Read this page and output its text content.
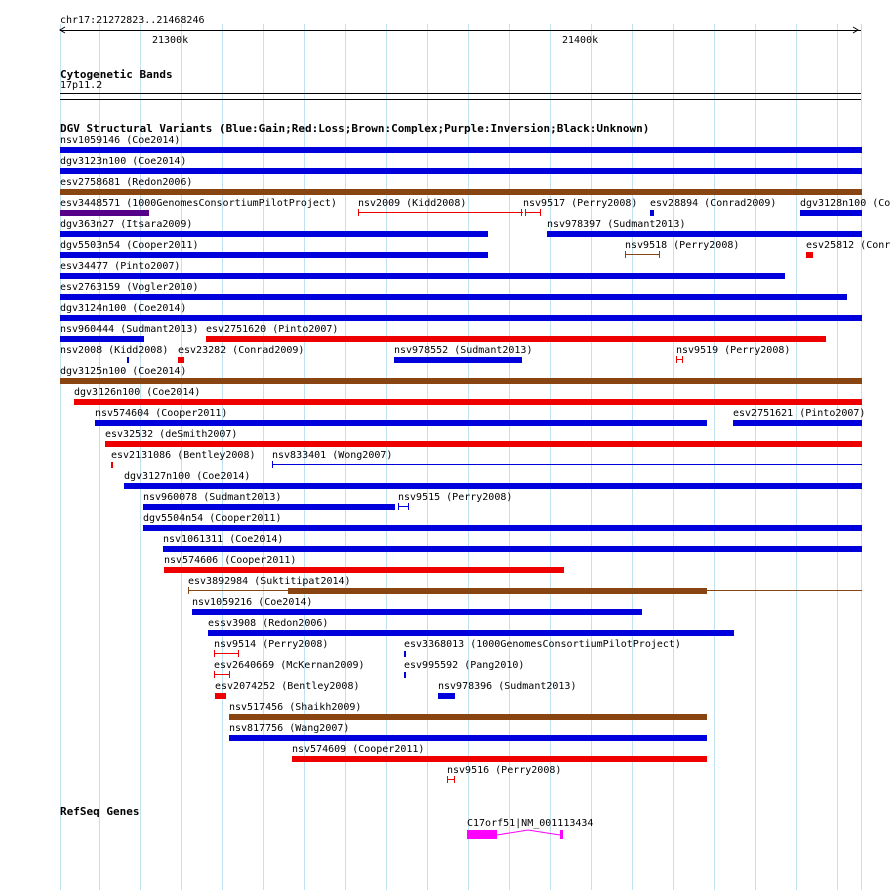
chr17:21272823..21468246
21300k	21400k
Cytogenetic Bands
17p11.2
DGV Structural Variants (Blue:Gain;Red:Loss;Brown:Complex;Purple:Inversion;Black:Unknown)
nsv1059146 (Coe2014)
dgv3123n100 (Coe2014)
esv2758681 (Redon2006)
esv3448571 (1000GenomesConsortiumPilotProject) nsv2009 (Kidd2008)	nsv9517 (Perry2008) esv28894 (Conrad2009) dgv3128n100 (Co
dgv363n27 (Itsara2009)	nsv978397 (Sudmant2013)
dgv5503n54 (Cooper2011)	nsv9518 (Perry2008)	esv25812 (Conr
esv34477 (Pinto2007)
esv2763159 (Vogler2010)
dgv3124n100 (Coe2014)
nsv960444 (Sudmant2013) esv2751620 (Pinto2007)
nsv2008 (Kidd2008) esv23282 (Conrad2009)	nsv978552 (Sudmant2013)	nsv9519 (Perry2008)
dgv3125n100 (Coe2014)
dgv3126n100 (Coe2014)
nsv574604 (Cooper2011)	esv2751621 (Pinto2007)
esv32532 (deSmith2007)
esv2131086 (Bentley2008) nsv833401 (Wong2007)
dgv3127n100 (Coe2014)
nsv960078 (Sudmant2013)	nsv9515 (Perry2008)
dgv5504n54 (Cooper2011)
nsv1061311 (Coe2014)
nsv574606 (Cooper2011)
esv3892984 (Suktitipat2014)
nsv1059216 (Coe2014)
essv3908 (Redon2006)
nsv9514 (Perry2008)	esv3368013 (1000GenomesConsortiumPilotProject)
esv2640669 (McKernan2009)	esv995592 (Pang2010)
esv2074252 (Bentley2008)	nsv978396 (Sudmant2013)
nsv517456 (Shaikh2009)
nsv817756 (Wang2007)
nsv574609 (Cooper2011)
nsv9516 (Perry2008)
RefSeq Genes
C17orf51|NM_001113434
